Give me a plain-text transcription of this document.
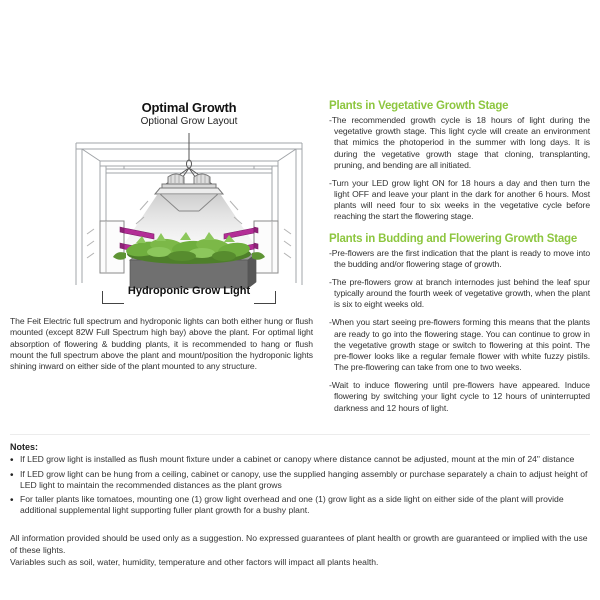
Optimal Growth
Optional Grow Layout
Hydroponic Grow Light

The Feit Electric full spectrum and hydroponic lights can both either hung or flush mounted (except 82W Full Spectrum high bay) above the plant. For optimal light absorption of flowering & budding plants, it is recommended to hang or flush mount the full spectrum above the plant and mount/position the hydroponic lights shining inward on either side of the plant mounted to any structure.

Plants in Vegetative Growth Stage

-The recommended growth cycle is 18 hours of light during the vegetative growth stage. This light cycle will create an environment that mimics the photoperiod in the summer with long days. It is during the vegetative growth stage that cloning, transplanting, pruning, and bending are all initiated.

-Turn your LED grow light ON for 18 hours a day and then turn the light OFF and leave your plant in the dark for another 6 hours. Most plants will need four to six weeks in the vegetative cycle before reaching the start the flowering stage.

Plants in Budding and Flowering Growth Stage

-Pre-flowers are the first indication that the plant is ready to move into the budding and/or flowering stage of growth.

-The pre-flowers grow at branch internodes just behind the leaf spur typically around the fourth week of vegetative growth, when the plant is six to eight weeks old.

-When you start seeing pre-flowers forming this means that the plants are ready to go into the flowering stage. You can continue to grow in the vegetative growth stage or switch to flowering at this point. The pre-flower looks like a regular female flower with white fuzzy pistils. The pre-flowering can take from one to two weeks.

-Wait to induce flowering until pre-flowers have appeared. Induce flowering by switching your light cycle to 12 hours of uninterrupted darkness and 12 hours of light.

Notes:
•
If LED grow light is installed as flush mount fixture under a cabinet or canopy where distance cannot be adjusted, mount at the min of 24" distance
•
If LED grow light can be hung from a ceiling, cabinet or canopy, use the supplied hanging assembly or purchase separately a chain to adjust height of LED light to maintain the recommended distances as the plant grows
•
For taller plants like tomatoes, mounting one (1) grow light overhead and one (1) grow light as a side light on either side of the plant will provide additional supplemental light supporting fuller plant growth for a bushy plant.
All information provided should be used only as a suggestion. No expressed guarantees of plant health or growth are guaranteed or implied with the use of these lights.
Variables such as soil, water, humidity, temperature and other factors will impact all plants health.
